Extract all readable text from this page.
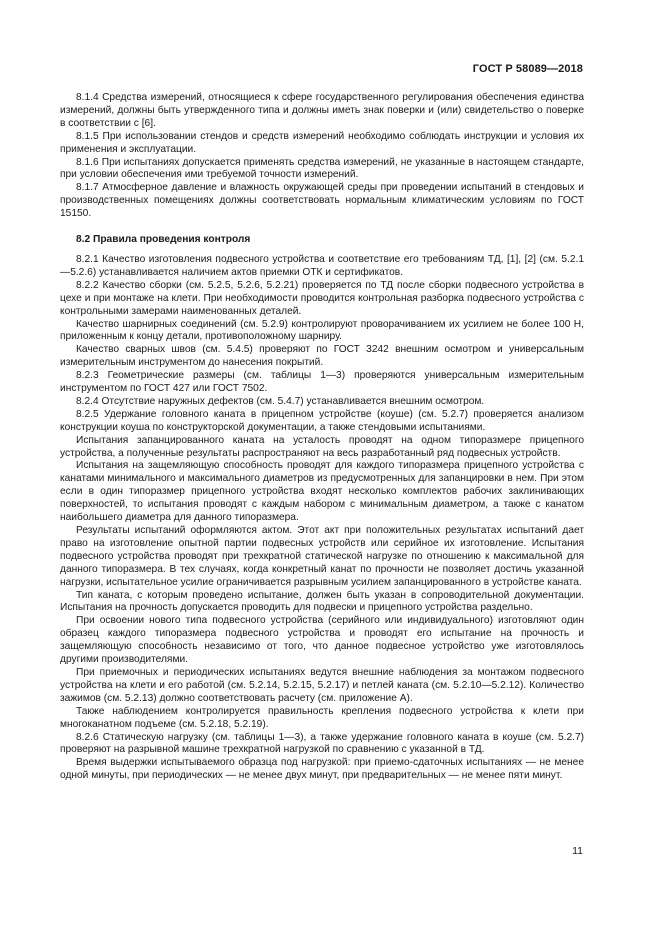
ГОСТ Р 58089—2018

8.1.4 Средства измерений, относящиеся к сфере государственного регулирования обеспечения единства измерений, должны быть утвержденного типа и должны иметь знак поверки и (или) свидетельство о поверке в соответствии с [6].

8.1.5 При использовании стендов и средств измерений необходимо соблюдать инструкции и условия их применения и эксплуатации.

8.1.6 При испытаниях допускается применять средства измерений, не указанные в настоящем стандарте, при условии обеспечения ими требуемой точности измерений.

8.1.7 Атмосферное давление и влажность окружающей среды при проведении испытаний в стендовых и производственных помещениях должны соответствовать нормальным климатическим условиям по ГОСТ 15150.

8.2 Правила проведения контроля

8.2.1 Качество изготовления подвесного устройства и соответствие его требованиям ТД, [1], [2] (см. 5.2.1—5.2.6) устанавливается наличием актов приемки ОТК и сертификатов.

8.2.2 Качество сборки (см. 5.2.5, 5.2.6, 5.2.21) проверяется по ТД после сборки подвесного устройства в цехе и при монтаже на клети. При необходимости проводится контрольная разборка подвесного устройства с контрольными замерами наименованных деталей.

Качество шарнирных соединений (см. 5.2.9) контролируют проворачиванием их усилием не более 100 Н, приложенным к концу детали, противоположному шарниру.

Качество сварных швов (см. 5.4.5) проверяют по ГОСТ 3242 внешним осмотром и универсальным измерительным инструментом до нанесения покрытий.

8.2.3 Геометрические размеры (см. таблицы 1—3) проверяются универсальным измерительным инструментом по ГОСТ 427 или ГОСТ 7502.

8.2.4 Отсутствие наружных дефектов (см. 5.4.7) устанавливается внешним осмотром.

8.2.5 Удержание головного каната в прицепном устройстве (коуше) (см. 5.2.7) проверяется анализом конструкции коуша по конструкторской документации, а также стендовыми испытаниями.

Испытания запанцированного каната на усталость проводят на одном типоразмере прицепного устройства, а полученные результаты распространяют на весь разработанный ряд подвесных устройств.

Испытания на защемляющую способность проводят для каждого типоразмера прицепного устройства с канатами минимального и максимального диаметров из предусмотренных для запанцировки в нем. При этом если в один типоразмер прицепного устройства входят несколько комплектов рабочих заклинивающих поверхностей, то испытания проводят с каждым набором с минимальным диаметром, а также с канатом наибольшего диаметра для данного типоразмера.

Результаты испытаний оформляются актом. Этот акт при положительных результатах испытаний дает право на изготовление опытной партии подвесных устройств или серийное их изготовление. Испытания подвесного устройства проводят при трехкратной статической нагрузке по отношению к максимальной для данного типоразмера. В тех случаях, когда конкретный канат по прочности не позволяет достичь указанной нагрузки, испытательное усилие ограничивается разрывным усилием запанцированного в устройстве каната.

Тип каната, с которым проведено испытание, должен быть указан в сопроводительной документации. Испытания на прочность допускается проводить для подвески и прицепного устройства раздельно.

При освоении нового типа подвесного устройства (серийного или индивидуального) изготовляют один образец каждого типоразмера подвесного устройства и проводят его испытание на прочность и защемляющую способность независимо от того, что данное подвесное устройство уже изготовлялось другими производителями.

При приемочных и периодических испытаниях ведутся внешние наблюдения за монтажом подвесного устройства на клети и его работой (см. 5.2.14, 5.2.15, 5.2.17) и петлей каната (см. 5.2.10—5.2.12). Количество зажимов (см. 5.2.13) должно соответствовать расчету (см. приложение А).

Также наблюдением контролируется правильность крепления подвесного устройства к клети при многоканатном подъеме (см. 5.2.18, 5.2.19).

8.2.6 Статическую нагрузку (см. таблицы 1—3), а также удержание головного каната в коуше (см. 5.2.7) проверяют на разрывной машине трехкратной нагрузкой по сравнению с указанной в ТД.

Время выдержки испытываемого образца под нагрузкой: при приемо-сдаточных испытаниях — не менее одной минуты, при периодических — не менее двух минут, при предварительных — не менее пяти минут.

11
